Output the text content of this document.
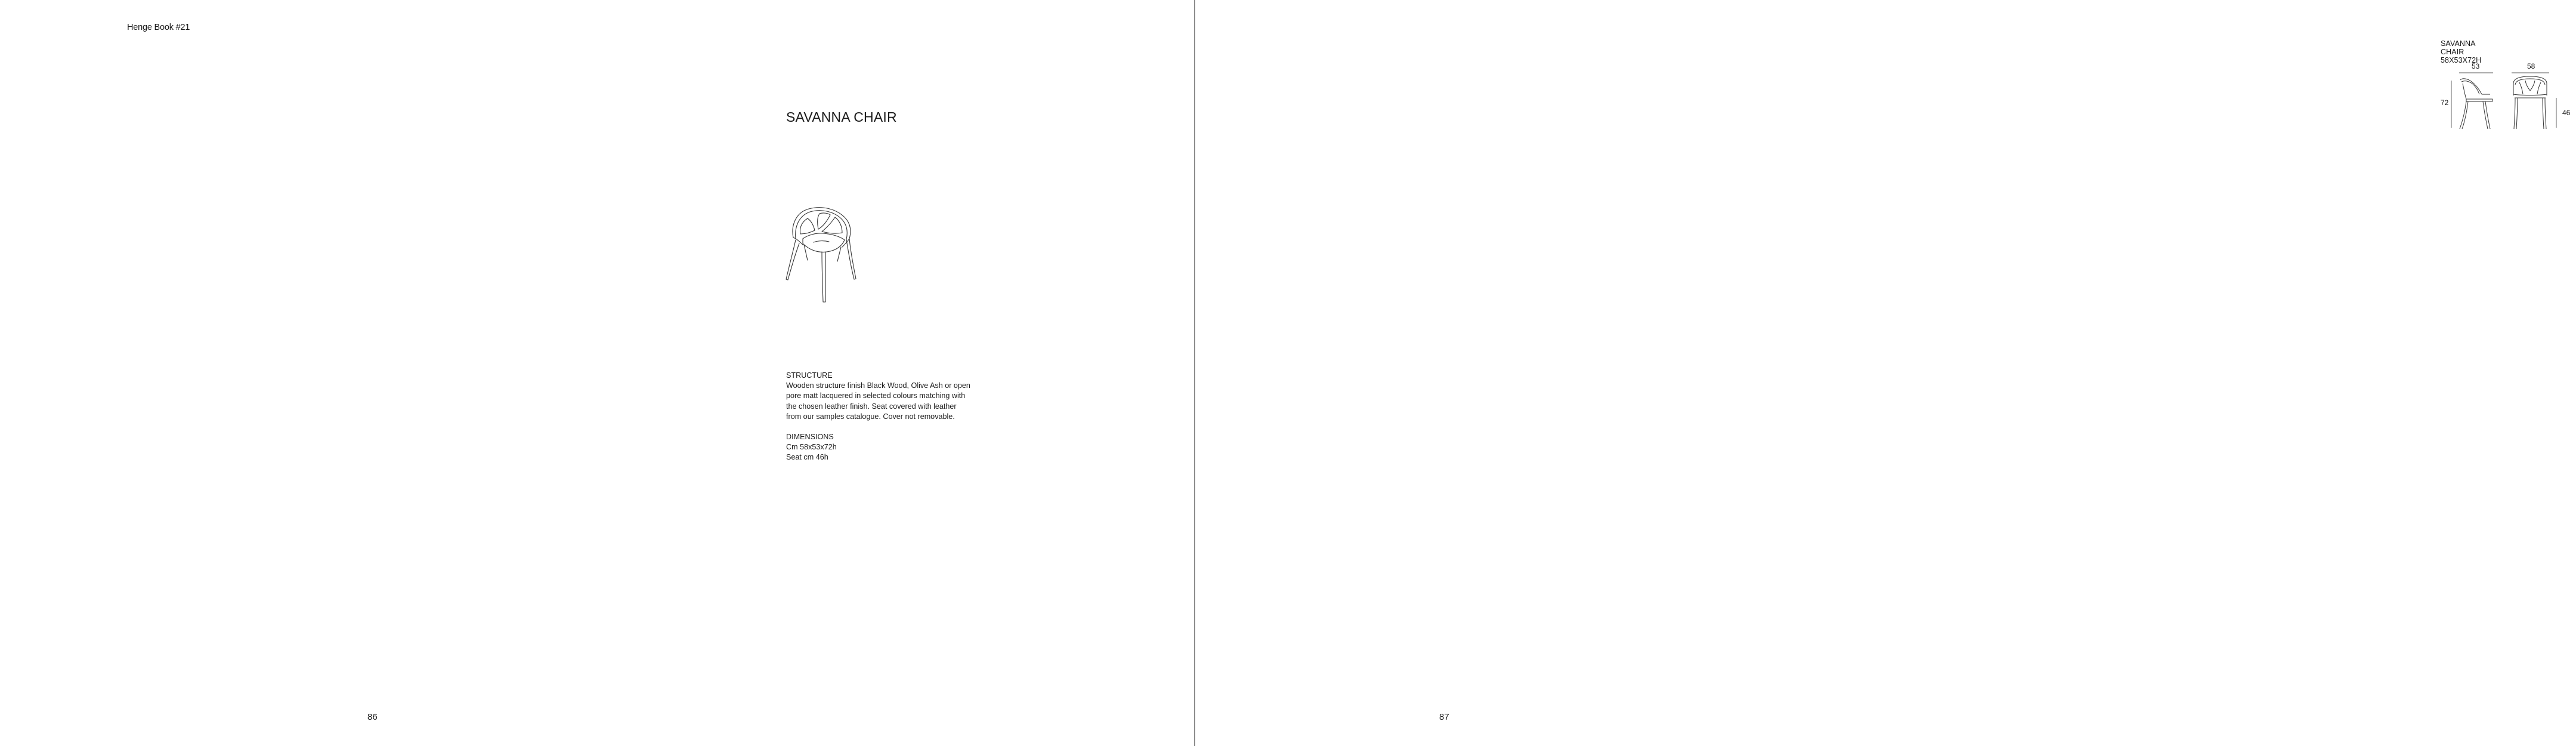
Henge Book #21
SAVANNA CHAIR

STRUCTURE

Wooden structure finish Black Wood, Olive Ash or open

pore matt lacquered in selected colours matching with

the chosen leather finish. Seat covered with leather

from our samples catalogue. Cover not removable.

DIMENSIONS

Cm 58x53x72h

Seat cm 46h

86
SAVANNA CHAIR 58X53X72H
53	58
72
46
87
